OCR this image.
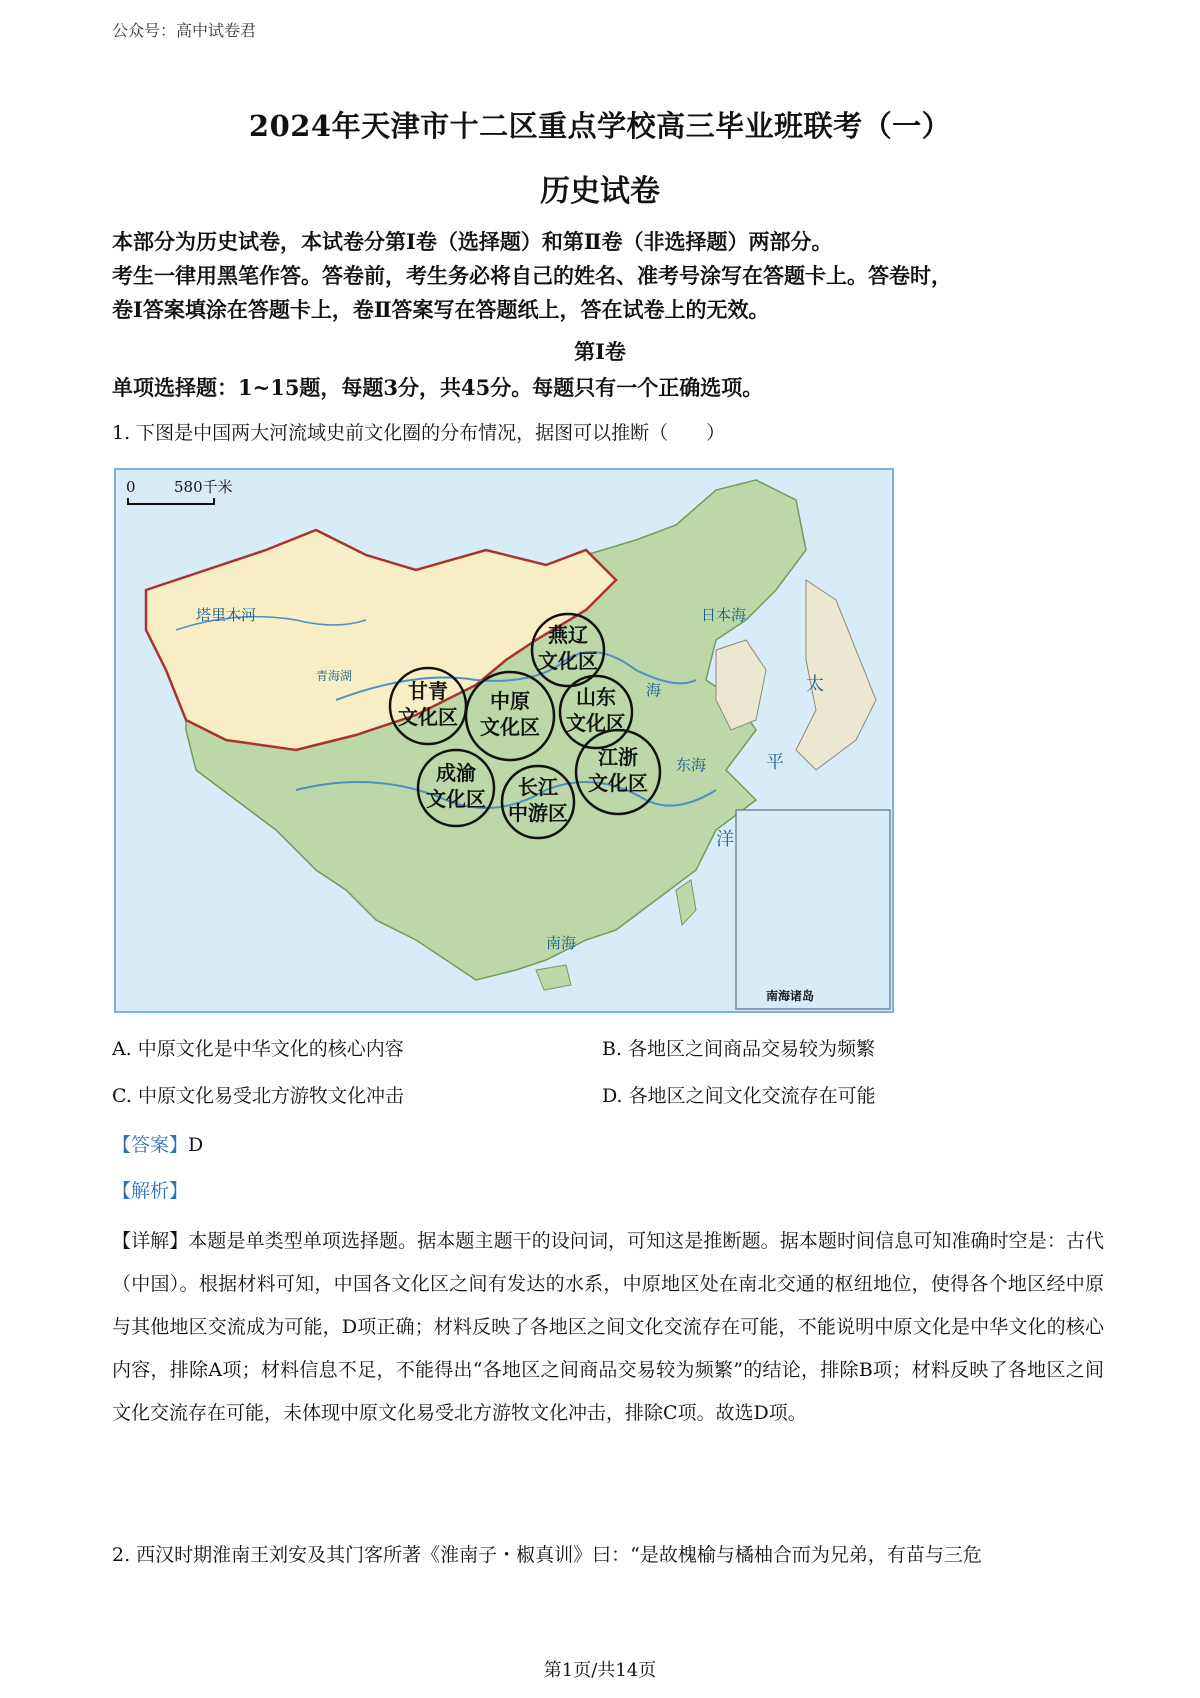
公众号：高中试卷君
2024年天津市十二区重点学校高三毕业班联考（一）
历史试卷
本部分为历史试卷，本试卷分第Ⅰ卷（选择题）和第Ⅱ卷（非选择题）两部分。
考生一律用黑笔作答。答卷前，考生务必将自己的姓名、准考号涂写在答题卡上。答卷时，
卷Ⅰ答案填涂在答题卡上，卷Ⅱ答案写在答题纸上，答在试卷上的无效。
第Ⅰ卷
单项选择题：1~15题，每题3分，共45分。每题只有一个正确选项。
1. 下图是中国两大河流域史前文化圈的分布情况，据图可以推断（　　）
0	580千米
塔里木河
青海湖
日本海
东海
南海
海	太
平
洋
南海诸岛
燕辽
文化区
甘青
文化区
中原
文化区
山东
文化区
成渝
文化区 长江
中游区
江浙
文化区
A. 中原文化是中华文化的核心内容	B. 各地区之间商品交易较为频繁
C. 中原文化易受北方游牧文化冲击	D. 各地区之间文化交流存在可能
【答案】D
【解析】
【详解】本题是单类型单项选择题。据本题主题干的设问词，可知这是推断题。据本题时间信息可知准确时空是：古代（中国）。根据材料可知，中国各文化区之间有发达的水系，中原地区处在南北交通的枢纽地位，使得各个地区经中原与其他地区交流成为可能，D项正确；材料反映了各地区之间文化交流存在可能，不能说明中原文化是中华文化的核心内容，排除A项；材料信息不足，不能得出“各地区之间商品交易较为频繁”的结论，排除B项；材料反映了各地区之间文化交流存在可能，未体现中原文化易受北方游牧文化冲击，排除C项。故选D项。
2. 西汉时期淮南王刘安及其门客所著《淮南子・椒真训》曰：“是故槐榆与橘柚合而为兄弟，有苗与三危
第1页/共14页
